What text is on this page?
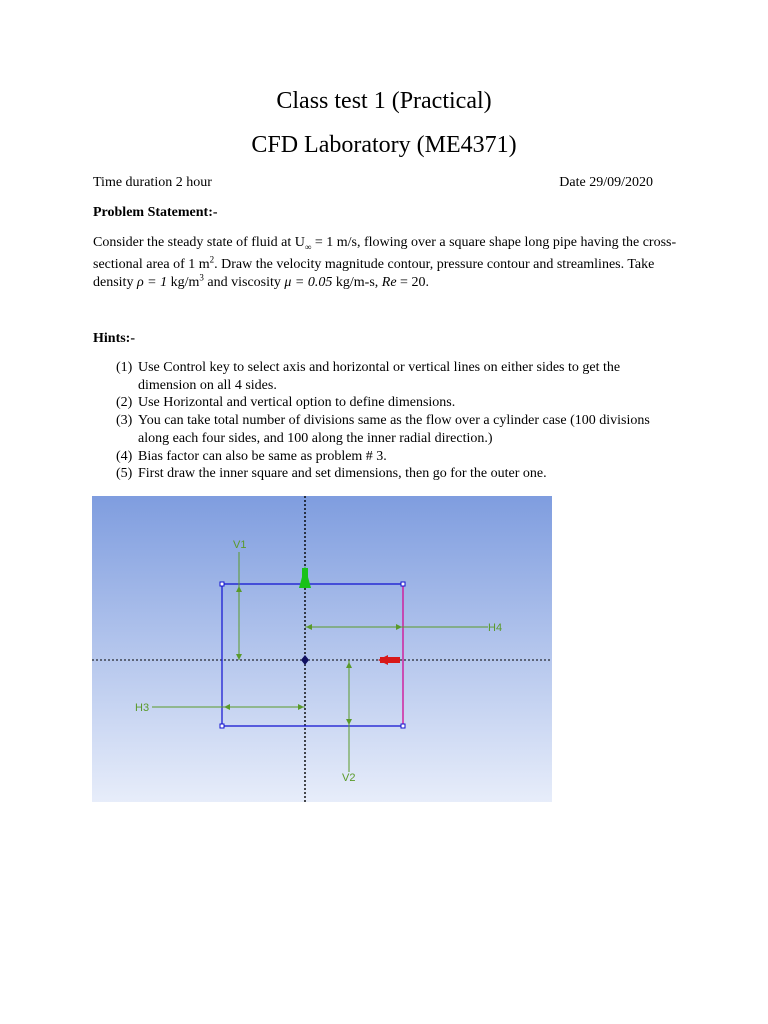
Class test 1 (Practical)
CFD Laboratory (ME4371)
Time duration 2 hour	Date 29/09/2020
Problem Statement:-
Consider the steady state of fluid at $U_\infty = 1$ m/s, flowing over a square shape long pipe having the cross-sectional area of 1 $m^2$. Draw the velocity magnitude contour, pressure contour and streamlines. Take density ρ = 1 $kg/m^3$ and viscosity μ = 0.05 kg/m-s, Re = 20.
Hints:-
(1) Use Control key to select axis and horizontal or vertical lines on either sides to get the dimension on all 4 sides.
(2) Use Horizontal and vertical option to define dimensions.
(3) You can take total number of divisions same as the flow over a cylinder case (100 divisions along each four sides, and 100 along the inner radial direction.)
(4) Bias factor can also be same as problem # 3.
(5) First draw the inner square and set dimensions, then go for the outer one.
V1
V2
H3
H4
